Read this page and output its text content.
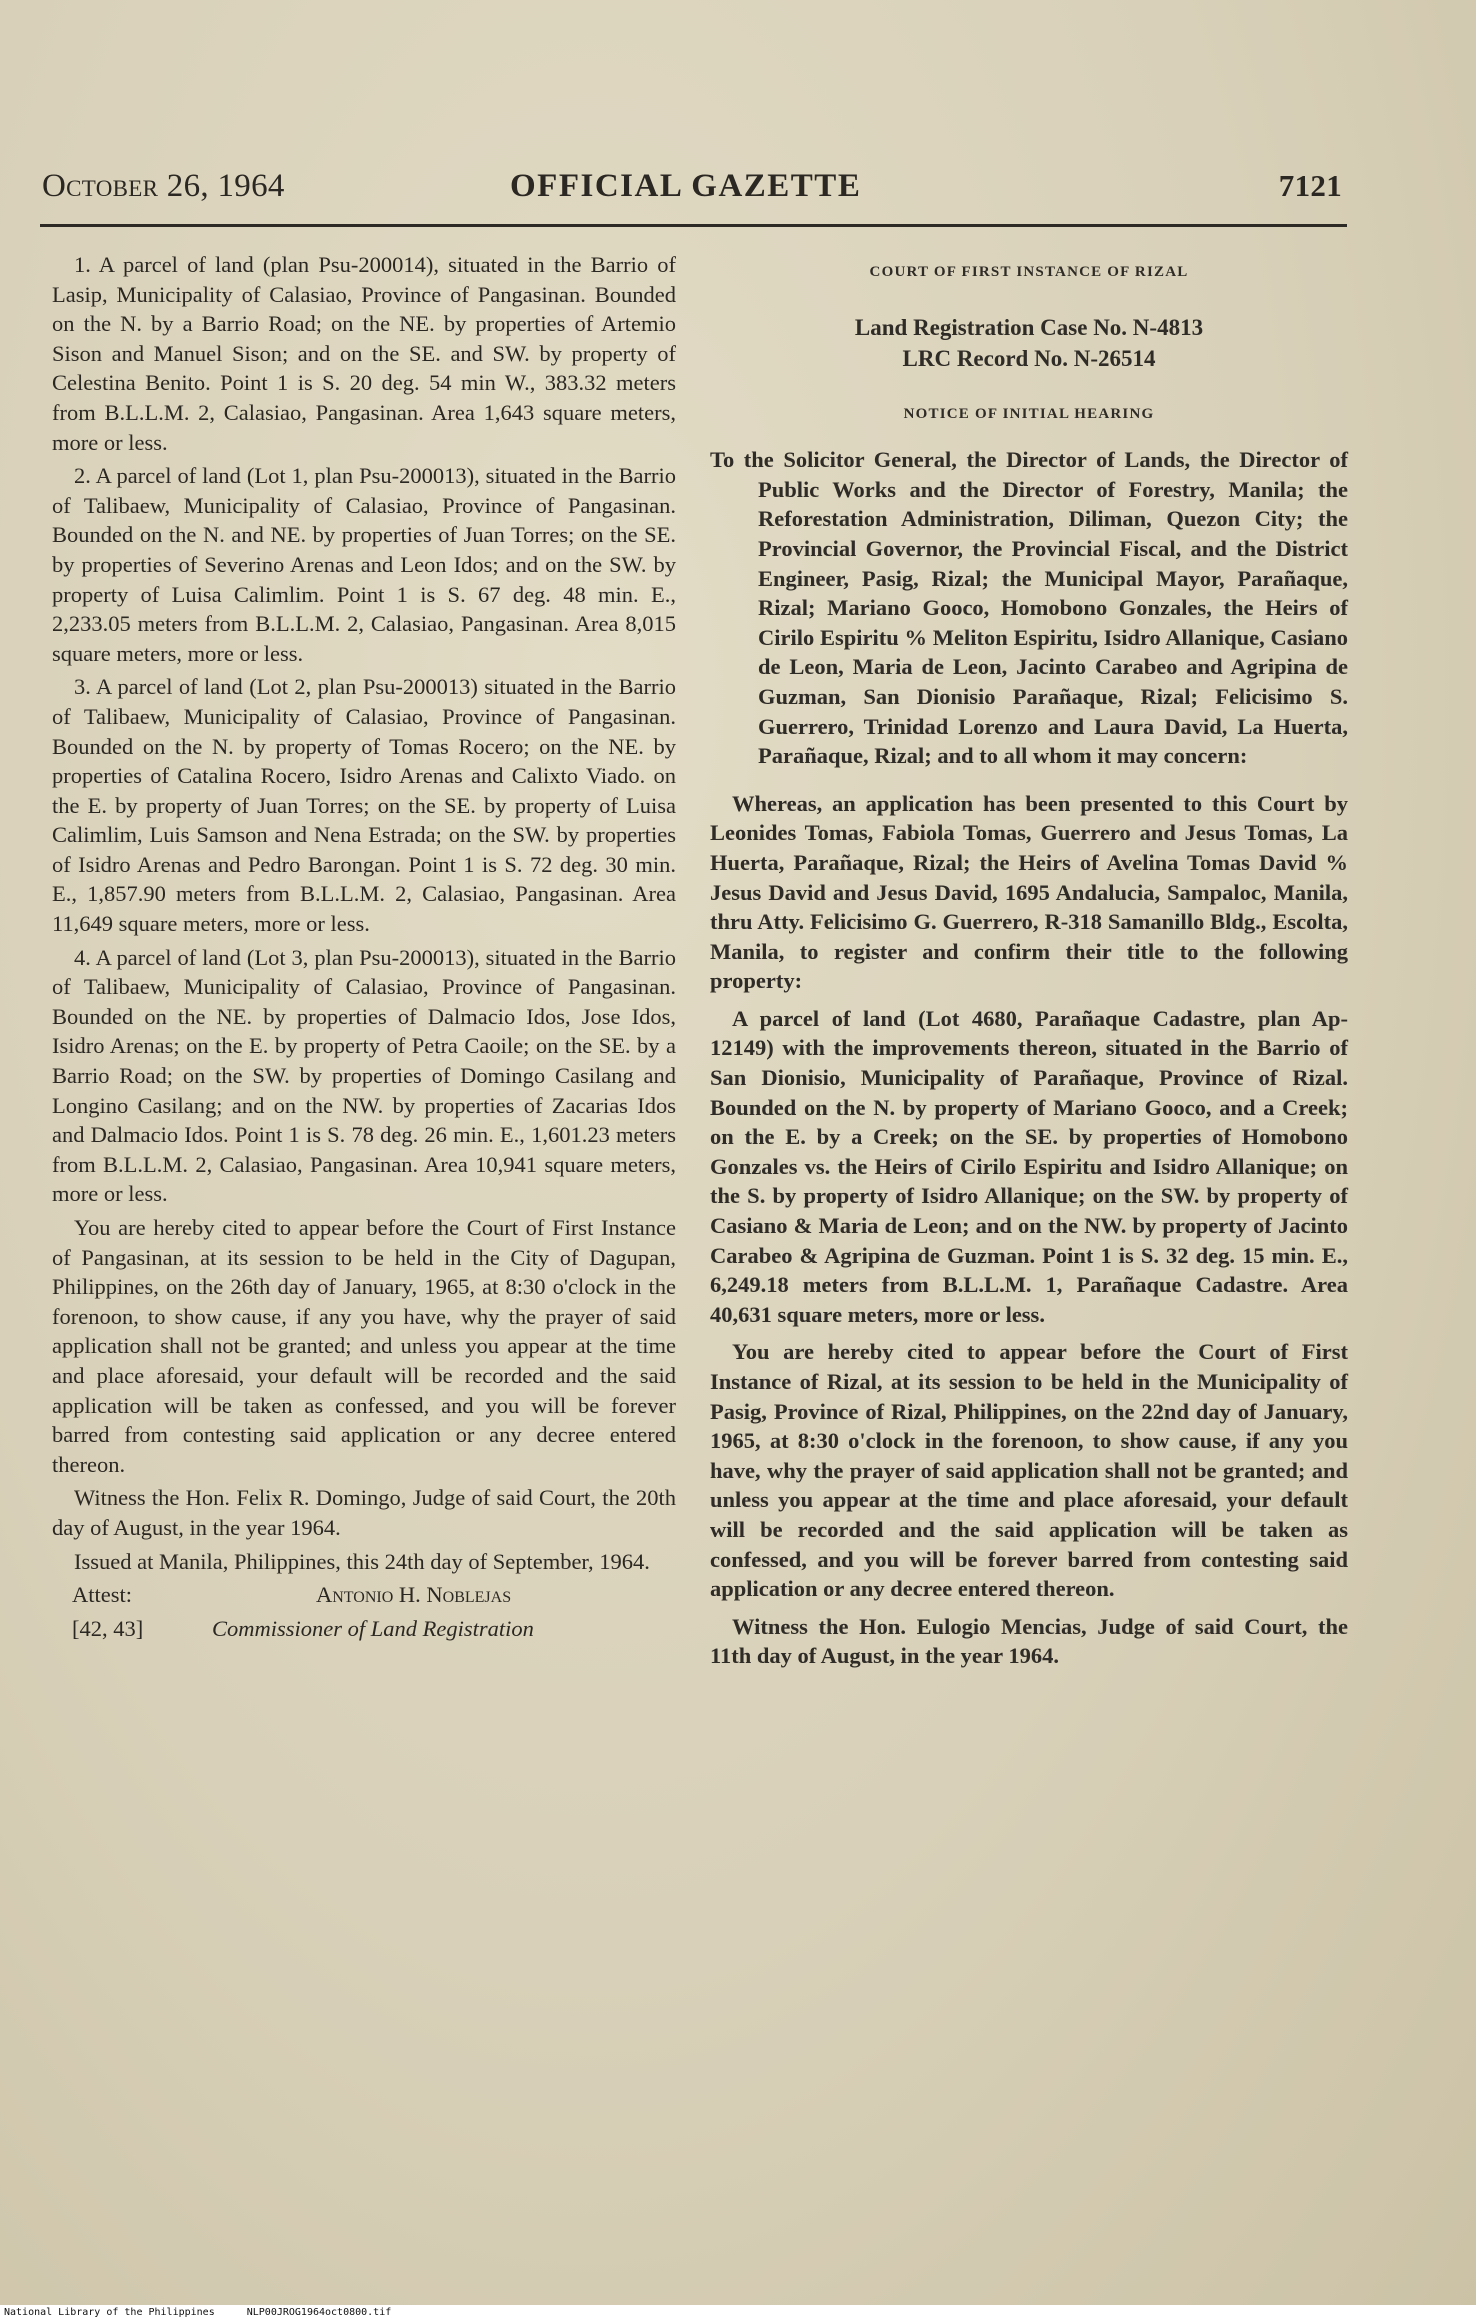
October 26, 1964	OFFICIAL GAZETTE	7121

1. A parcel of land (plan Psu-200014), situated in the Barrio of Lasip, Municipality of Calasiao, Province of Pangasinan. Bounded on the N. by a Barrio Road; on the NE. by properties of Artemio Sison and Manuel Sison; and on the SE. and SW. by property of Celestina Benito. Point 1 is S. 20 deg. 54 min W., 383.32 meters from B.L.L.M. 2, Calasiao, Pangasinan. Area 1,643 square meters, more or less.

2. A parcel of land (Lot 1, plan Psu-200013), situated in the Barrio of Talibaew, Municipality of Calasiao, Province of Pangasinan. Bounded on the N. and NE. by properties of Juan Torres; on the SE. by properties of Severino Arenas and Leon Idos; and on the SW. by property of Luisa Calimlim. Point 1 is S. 67 deg. 48 min. E., 2,233.05 meters from B.L.L.M. 2, Calasiao, Pangasinan. Area 8,015 square meters, more or less.

3. A parcel of land (Lot 2, plan Psu-200013) situated in the Barrio of Talibaew, Municipality of Calasiao, Province of Pangasinan. Bounded on the N. by property of Tomas Rocero; on the NE. by properties of Catalina Rocero, Isidro Arenas and Calixto Viado. on the E. by property of Juan Torres; on the SE. by property of Luisa Calimlim, Luis Samson and Nena Estrada; on the SW. by properties of Isidro Arenas and Pedro Barongan. Point 1 is S. 72 deg. 30 min. E., 1,857.90 meters from B.L.L.M. 2, Calasiao, Pangasinan. Area 11,649 square meters, more or less.

4. A parcel of land (Lot 3, plan Psu-200013), situated in the Barrio of Talibaew, Municipality of Calasiao, Province of Pangasinan. Bounded on the NE. by properties of Dalmacio Idos, Jose Idos, Isidro Arenas; on the E. by property of Petra Caoile; on the SE. by a Barrio Road; on the SW. by properties of Domingo Casilang and Longino Casilang; and on the NW. by properties of Zacarias Idos and Dalmacio Idos. Point 1 is S. 78 deg. 26 min. E., 1,601.23 meters from B.L.L.M. 2, Calasiao, Pangasinan. Area 10,941 square meters, more or less.

You are hereby cited to appear before the Court of First Instance of Pangasinan, at its session to be held in the City of Dagupan, Philippines, on the 26th day of January, 1965, at 8:30 o'clock in the forenoon, to show cause, if any you have, why the prayer of said application shall not be granted; and unless you appear at the time and place aforesaid, your default will be recorded and the said application will be taken as confessed, and you will be forever barred from contesting said application or any decree entered thereon.

Witness the Hon. Felix R. Domingo, Judge of said Court, the 20th day of August, in the year 1964.

Issued at Manila, Philippines, this 24th day of September, 1964.

Attest:	Antonio H. Noblejas

[42, 43]	Commissioner of Land Registration

COURT OF FIRST INSTANCE OF RIZAL

Land Registration Case No. N-4813
LRC Record No. N-26514

NOTICE OF INITIAL HEARING

To the Solicitor General, the Director of Lands, the Director of Public Works and the Director of Forestry, Manila; the Reforestation Administration, Diliman, Quezon City; the Provincial Governor, the Provincial Fiscal, and the District Engineer, Pasig, Rizal; the Municipal Mayor, Parañaque, Rizal; Mariano Gooco, Homobono Gonzales, the Heirs of Cirilo Espiritu % Meliton Espiritu, Isidro Allanique, Casiano de Leon, Maria de Leon, Jacinto Carabeo and Agripina de Guzman, San Dionisio Parañaque, Rizal; Felicisimo S. Guerrero, Trinidad Lorenzo and Laura David, La Huerta, Parañaque, Rizal; and to all whom it may concern:

Whereas, an application has been presented to this Court by Leonides Tomas, Fabiola Tomas, Guerrero and Jesus Tomas, La Huerta, Parañaque, Rizal; the Heirs of Avelina Tomas David % Jesus David and Jesus David, 1695 Andalucia, Sampaloc, Manila, thru Atty. Felicisimo G. Guerrero, R-318 Samanillo Bldg., Escolta, Manila, to register and confirm their title to the following property:

A parcel of land (Lot 4680, Parañaque Cadastre, plan Ap-12149) with the improvements thereon, situated in the Barrio of San Dionisio, Municipality of Parañaque, Province of Rizal. Bounded on the N. by property of Mariano Gooco, and a Creek; on the E. by a Creek; on the SE. by properties of Homobono Gonzales vs. the Heirs of Cirilo Espiritu and Isidro Allanique; on the S. by property of Isidro Allanique; on the SW. by property of Casiano & Maria de Leon; and on the NW. by property of Jacinto Carabeo & Agripina de Guzman. Point 1 is S. 32 deg. 15 min. E., 6,249.18 meters from B.L.L.M. 1, Parañaque Cadastre. Area 40,631 square meters, more or less.

You are hereby cited to appear before the Court of First Instance of Rizal, at its session to be held in the Municipality of Pasig, Province of Rizal, Philippines, on the 22nd day of January, 1965, at 8:30 o'clock in the forenoon, to show cause, if any you have, why the prayer of said application shall not be granted; and unless you appear at the time and place aforesaid, your default will be recorded and the said application will be taken as confessed, and you will be forever barred from contesting said application or any decree entered thereon.

Witness the Hon. Eulogio Mencias, Judge of said Court, the 11th day of August, in the year 1964.

National Library of the Philippines	NLP00JROG1964oct0800.tif
